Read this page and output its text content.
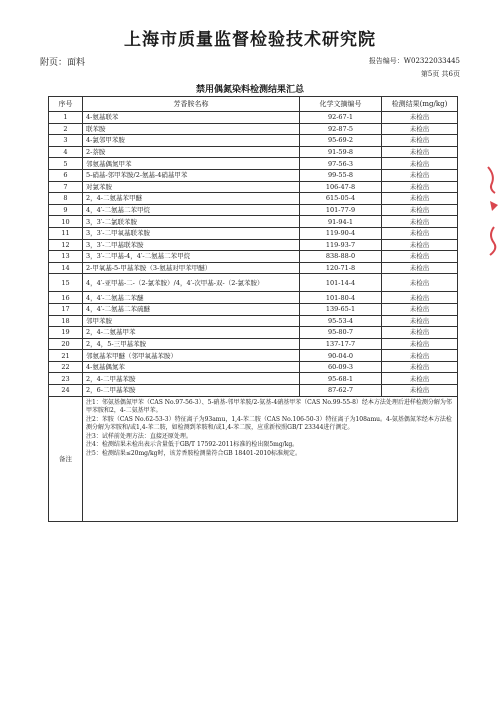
上海市质量监督检验技术研究院
附页：面料	报告编号：W02322033445
第5页 共6页
禁用偶氮染料检测结果汇总
序号	芳香胺名称	化学文摘编号	检测结果(mg/kg)
1	4-氨基联苯	92-67-1	未检出
2	联苯胺	92-87-5	未检出
3	4-氯邻甲苯胺	95-69-2	未检出
4	2-萘胺	91-59-8	未检出
5	邻氨基偶氮甲苯	97-56-3	未检出
6	5-硝基-邻甲苯胺/2-氨基-4硝基甲苯	99-55-8	未检出
7	对氯苯胺	106-47-8	未检出
8	2，4-二氨基苯甲醚	615-05-4	未检出
9	4，4′-二氨基二苯甲烷	101-77-9	未检出
10	3，3′-二氯联苯胺	91-94-1	未检出
11	3，3′-二甲氧基联苯胺	119-90-4	未检出
12	3，3′-二甲基联苯胺	119-93-7	未检出
13	3，3′-二甲基-4，4′-二氨基二苯甲烷	838-88-0	未检出
14	2-甲氧基-5-甲基苯胺（3-氨基对甲苯甲醚）	120-71-8	未检出
15	4，4′-亚甲基-二-（2-氯苯胺）/4，4′-次甲基-双-（2-氯苯胺）	101-14-4	未检出
16	4，4′-二氨基二苯醚	101-80-4	未检出
17	4，4′-二氨基二苯硫醚	139-65-1	未检出
18	邻甲苯胺	95-53-4	未检出
19	2，4-二氨基甲苯	95-80-7	未检出
20	2，4，5-三甲基苯胺	137-17-7	未检出
21	邻氨基苯甲醚（邻甲氧基苯胺）	90-04-0	未检出
22	4-氨基偶氮苯	60-09-3	未检出
23	2，4-二甲基苯胺	95-68-1	未检出
24	2，6-二甲基苯胺	87-62-7	未检出
备注	注1：邻氨基偶氮甲苯（CAS No.97-56-3）、5-硝基-邻甲苯胺/2-氨基-4硝基甲苯（CAS No.99-55-8）经本方法处理后进样检测分解为邻甲苯胺和2，4-二氨基甲苯。

注2：苯胺（CAS No.62-53-3）特征离子为93amu，1,4-苯二胺（CAS No.106-50-3）特征离子为108amu。4-氨基偶氮苯经本方法检测分解为苯胺和/或1,4-苯二胺，如检测到苯胺和/或1,4-苯二胺，应重新按照GB/T 23344进行测定。

注3：试样前处理方法：直接还原处理。

注4：检测结果未检出表示含量低于GB/T 17592-2011标准的检出限5mg/kg。

注5：检测结果≤20mg/kg时，该芳香胺检测量符合GB 18401-2010标准规定。		
